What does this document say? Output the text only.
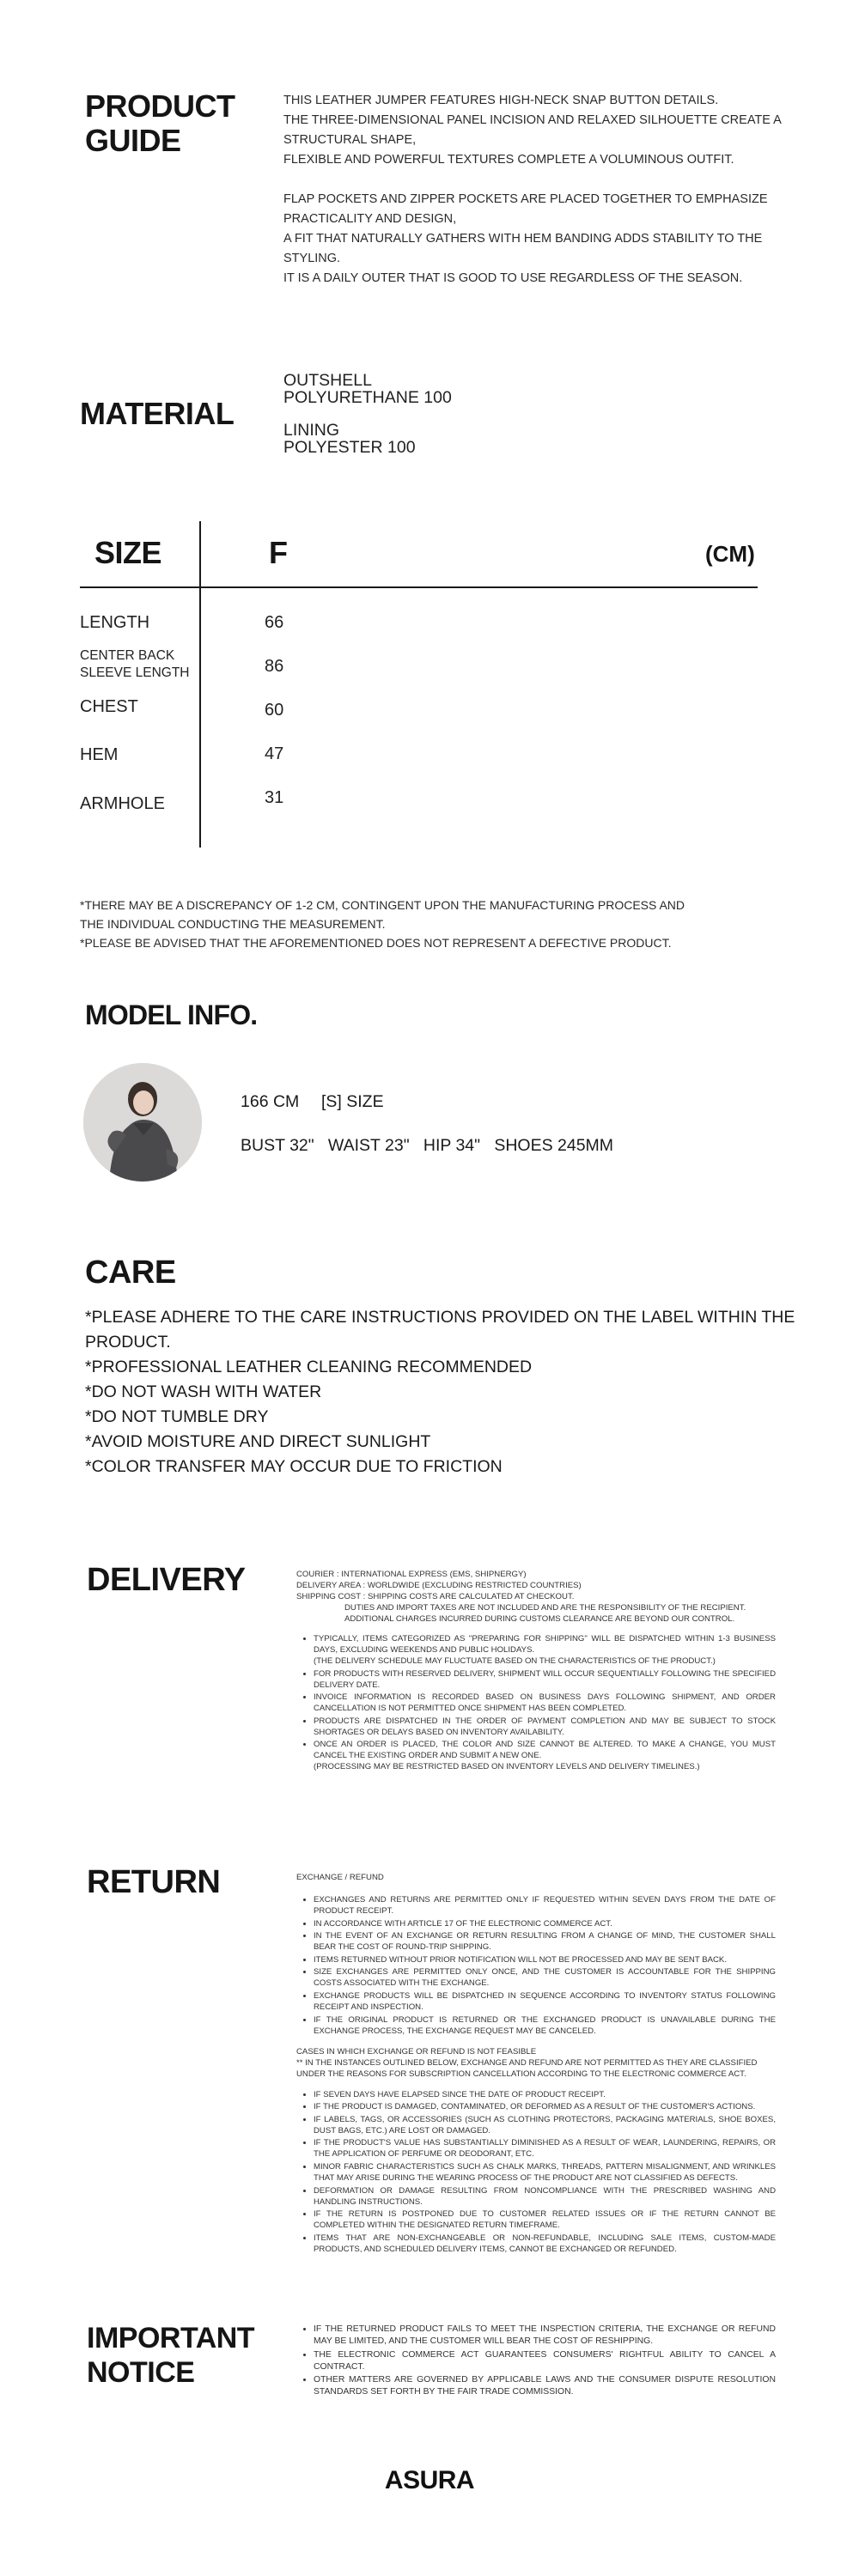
PRODUCT
GUIDE
THIS LEATHER JUMPER FEATURES HIGH-NECK SNAP BUTTON DETAILS.
THE THREE-DIMENSIONAL PANEL INCISION AND RELAXED SILHOUETTE CREATE A STRUCTURAL SHAPE,
FLEXIBLE AND POWERFUL TEXTURES COMPLETE A VOLUMINOUS OUTFIT.
FLAP POCKETS AND ZIPPER POCKETS ARE PLACED TOGETHER TO EMPHASIZE PRACTICALITY AND DESIGN,
A FIT THAT NATURALLY GATHERS WITH HEM BANDING ADDS STABILITY TO THE STYLING.
IT IS A DAILY OUTER THAT IS GOOD TO USE REGARDLESS OF THE SEASON.
MATERIAL
OUTSHELL
POLYURETHANE 100
LINING
POLYESTER 100
SIZE	F	(CM)
LENGTH	66
CENTER BACK
SLEEVE LENGTH	86
CHEST	60
HEM	47
ARMHOLE	31
*THERE MAY BE A DISCREPANCY OF 1-2 CM, CONTINGENT UPON THE MANUFACTURING PROCESS AND
THE INDIVIDUAL CONDUCTING THE MEASUREMENT.
*PLEASE BE ADVISED THAT THE AFOREMENTIONED DOES NOT REPRESENT A DEFECTIVE PRODUCT.
MODEL INFO.
166 CM [S] SIZE
BUST 32"   WAIST 23"   HIP 34"   SHOES 245MM
CARE
*PLEASE ADHERE TO THE CARE INSTRUCTIONS PROVIDED ON THE LABEL WITHIN THE PRODUCT.
*PROFESSIONAL LEATHER CLEANING RECOMMENDED
*DO NOT WASH WITH WATER
*DO NOT TUMBLE DRY
*AVOID MOISTURE AND DIRECT SUNLIGHT
*COLOR TRANSFER MAY OCCUR DUE TO FRICTION
DELIVERY	COURIER : INTERNATIONAL EXPRESS (EMS, SHIPNERGY)

DELIVERY AREA : WORLDWIDE (EXCLUDING RESTRICTED COUNTRIES)

SHIPPING COST : SHIPPING COSTS ARE CALCULATED AT CHECKOUT.

DUTIES AND IMPORT TAXES ARE NOT INCLUDED AND ARE THE RESPONSIBILITY OF THE RECIPIENT.

ADDITIONAL CHARGES INCURRED DURING CUSTOMS CLEARANCE ARE BEYOND OUR CONTROL.

• TYPICALLY, ITEMS CATEGORIZED AS "PREPARING FOR SHIPPING" WILL BE DISPATCHED WITHIN 1-3 BUSINESS DAYS, EXCLUDING WEEKENDS AND PUBLIC HOLIDAYS.
(THE DELIVERY SCHEDULE MAY FLUCTUATE BASED ON THE CHARACTERISTICS OF THE PRODUCT.)
• FOR PRODUCTS WITH RESERVED DELIVERY, SHIPMENT WILL OCCUR SEQUENTIALLY FOLLOWING THE SPECIFIED DELIVERY DATE.
• INVOICE INFORMATION IS RECORDED BASED ON BUSINESS DAYS FOLLOWING SHIPMENT, AND ORDER CANCELLATION IS NOT PERMITTED ONCE SHIPMENT HAS BEEN COMPLETED.
• PRODUCTS ARE DISPATCHED IN THE ORDER OF PAYMENT COMPLETION AND MAY BE SUBJECT TO STOCK SHORTAGES OR DELAYS BASED ON INVENTORY AVAILABILITY.
• ONCE AN ORDER IS PLACED, THE COLOR AND SIZE CANNOT BE ALTERED. TO MAKE A CHANGE, YOU MUST CANCEL THE EXISTING ORDER AND SUBMIT A NEW ONE.
(PROCESSING MAY BE RESTRICTED BASED ON INVENTORY LEVELS AND DELIVERY TIMELINES.)
RETURN	EXCHANGE / REFUND

• EXCHANGES AND RETURNS ARE PERMITTED ONLY IF REQUESTED WITHIN SEVEN DAYS FROM THE DATE OF PRODUCT RECEIPT.
• IN ACCORDANCE WITH ARTICLE 17 OF THE ELECTRONIC COMMERCE ACT.
• IN THE EVENT OF AN EXCHANGE OR RETURN RESULTING FROM A CHANGE OF MIND, THE CUSTOMER SHALL BEAR THE COST OF ROUND-TRIP SHIPPING.
• ITEMS RETURNED WITHOUT PRIOR NOTIFICATION WILL NOT BE PROCESSED AND MAY BE SENT BACK.
• SIZE EXCHANGES ARE PERMITTED ONLY ONCE, AND THE CUSTOMER IS ACCOUNTABLE FOR THE SHIPPING COSTS ASSOCIATED WITH THE EXCHANGE.
• EXCHANGE PRODUCTS WILL BE DISPATCHED IN SEQUENCE ACCORDING TO INVENTORY STATUS FOLLOWING RECEIPT AND INSPECTION.
• IF THE ORIGINAL PRODUCT IS RETURNED OR THE EXCHANGED PRODUCT IS UNAVAILABLE DURING THE EXCHANGE PROCESS, THE EXCHANGE REQUEST MAY BE CANCELED.

CASES IN WHICH EXCHANGE OR REFUND IS NOT FEASIBLE

** IN THE INSTANCES OUTLINED BELOW, EXCHANGE AND REFUND ARE NOT PERMITTED AS THEY ARE CLASSIFIED UNDER THE REASONS FOR SUBSCRIPTION CANCELLATION ACCORDING TO THE ELECTRONIC COMMERCE ACT.

• IF SEVEN DAYS HAVE ELAPSED SINCE THE DATE OF PRODUCT RECEIPT.
• IF THE PRODUCT IS DAMAGED, CONTAMINATED, OR DEFORMED AS A RESULT OF THE CUSTOMER'S ACTIONS.
• IF LABELS, TAGS, OR ACCESSORIES (SUCH AS CLOTHING PROTECTORS, PACKAGING MATERIALS, SHOE BOXES, DUST BAGS, ETC.) ARE LOST OR DAMAGED.
• IF THE PRODUCT'S VALUE HAS SUBSTANTIALLY DIMINISHED AS A RESULT OF WEAR, LAUNDERING, REPAIRS, OR THE APPLICATION OF PERFUME OR DEODORANT, ETC.
• MINOR FABRIC CHARACTERISTICS SUCH AS CHALK MARKS, THREADS, PATTERN MISALIGNMENT, AND WRINKLES THAT MAY ARISE DURING THE WEARING PROCESS OF THE PRODUCT ARE NOT CLASSIFIED AS DEFECTS.
• DEFORMATION OR DAMAGE RESULTING FROM NONCOMPLIANCE WITH THE PRESCRIBED WASHING AND HANDLING INSTRUCTIONS.
• IF THE RETURN IS POSTPONED DUE TO CUSTOMER RELATED ISSUES OR IF THE RETURN CANNOT BE COMPLETED WITHIN THE DESIGNATED RETURN TIMEFRAME.
• ITEMS THAT ARE NON-EXCHANGEABLE OR NON-REFUNDABLE, INCLUDING SALE ITEMS, CUSTOM-MADE PRODUCTS, AND SCHEDULED DELIVERY ITEMS, CANNOT BE EXCHANGED OR REFUNDED.
IMPORTANT
NOTICE
• IF THE RETURNED PRODUCT FAILS TO MEET THE INSPECTION CRITERIA, THE EXCHANGE OR REFUND MAY BE LIMITED, AND THE CUSTOMER WILL BEAR THE COST OF RESHIPPING.
• THE ELECTRONIC COMMERCE ACT GUARANTEES CONSUMERS' RIGHTFUL ABILITY TO CANCEL A CONTRACT.
• OTHER MATTERS ARE GOVERNED BY APPLICABLE LAWS AND THE CONSUMER DISPUTE RESOLUTION STANDARDS SET FORTH BY THE FAIR TRADE COMMISSION.
ASURA
